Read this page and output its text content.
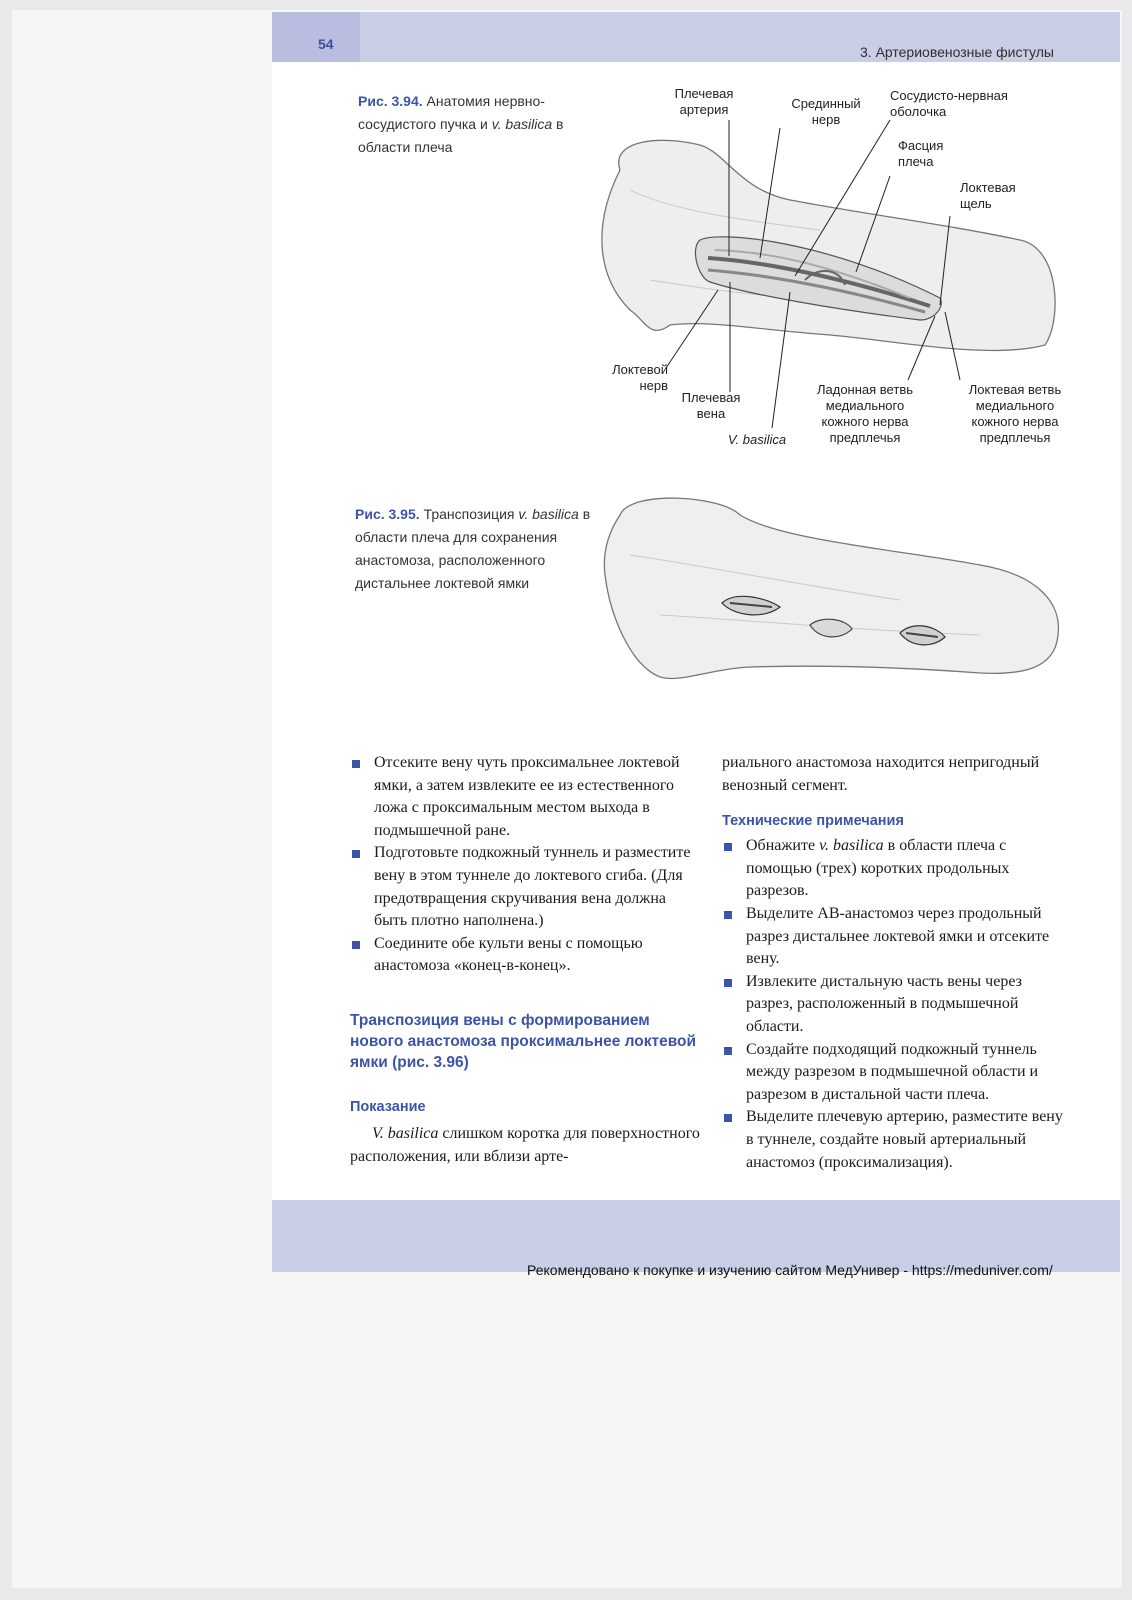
54	3. Артериовенозные фистулы
Рис. 3.94. Анатомия нервно-сосудистого пучка и v. basilica в области плеча
Плечевая артерия	Срединный нерв
Сосудисто-нервная оболочка
Фасция плеча
Локтевая щель
Локтевой нерв
Плечевая вена
V. basilica
Ладонная ветвь медиального кожного нерва предплечья
Локтевая ветвь медиального кожного нерва предплечья
Рис. 3.95. Транспозиция v. basilica в области плеча для сохранения анастомоза, расположенного дистальнее локтевой ямки
Отсеките вену чуть проксимальнее локтевой ямки, а затем извлеките ее из естественного ложа с проксимальным местом выхода в подмышечной ране.
Подготовьте подкожный туннель и разместите вену в этом туннеле до локтевого сгиба. (Для предотвращения скручивания вена должна быть плотно наполнена.)
Соедините обе культи вены с помощью анастомоза «конец-в-конец».
Транспозиция вены с формированием нового анастомоза проксимальнее локтевой ямки (рис. 3.96)
Показание

V. basilica слишком коротка для поверхностного расположения, или вблизи арте-

риального анастомоза находится непригодный венозный сегмент.

Технические примечания
Обнажите v. basilica в области плеча с помощью (трех) коротких продольных разрезов.
Выделите АВ-анастомоз через продольный разрез дистальнее локтевой ямки и отсеките вену.
Извлеките дистальную часть вены через разрез, расположенный в подмышечной области.
Создайте подходящий подкожный туннель между разрезом в подмышечной области и разрезом в дистальной части плеча.
Выделите плечевую артерию, разместите вену в туннеле, создайте новый артериальный анастомоз (проксимализация).
Рекомендовано к покупке и изучению сайтом МедУнивер - https://meduniver.com/
